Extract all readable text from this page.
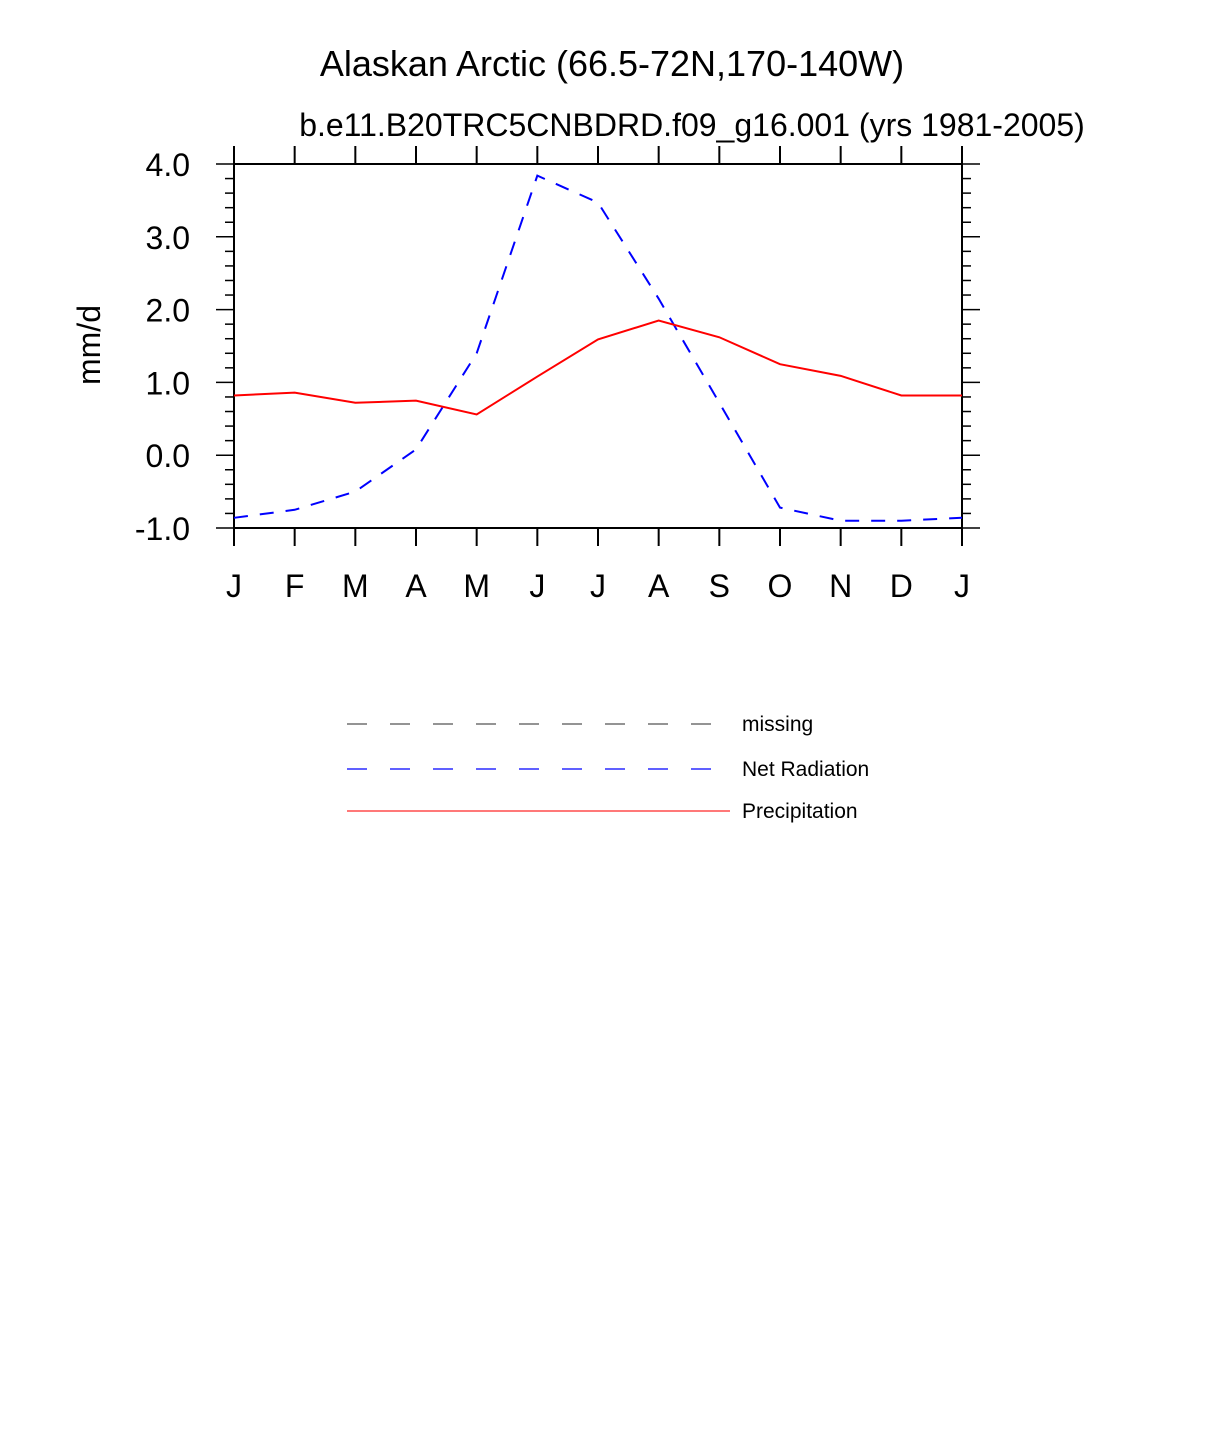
Alaskan Arctic (66.5-72N,170-140W)
b.e11.B20TRC5CNBDRD.f09_g16.001 (yrs 1981-2005)
mm/d
4.0
3.0
2.0
1.0
0.0
-1.0
J F M A M J J A S O N D J
missing
Net Radiation
Precipitation
